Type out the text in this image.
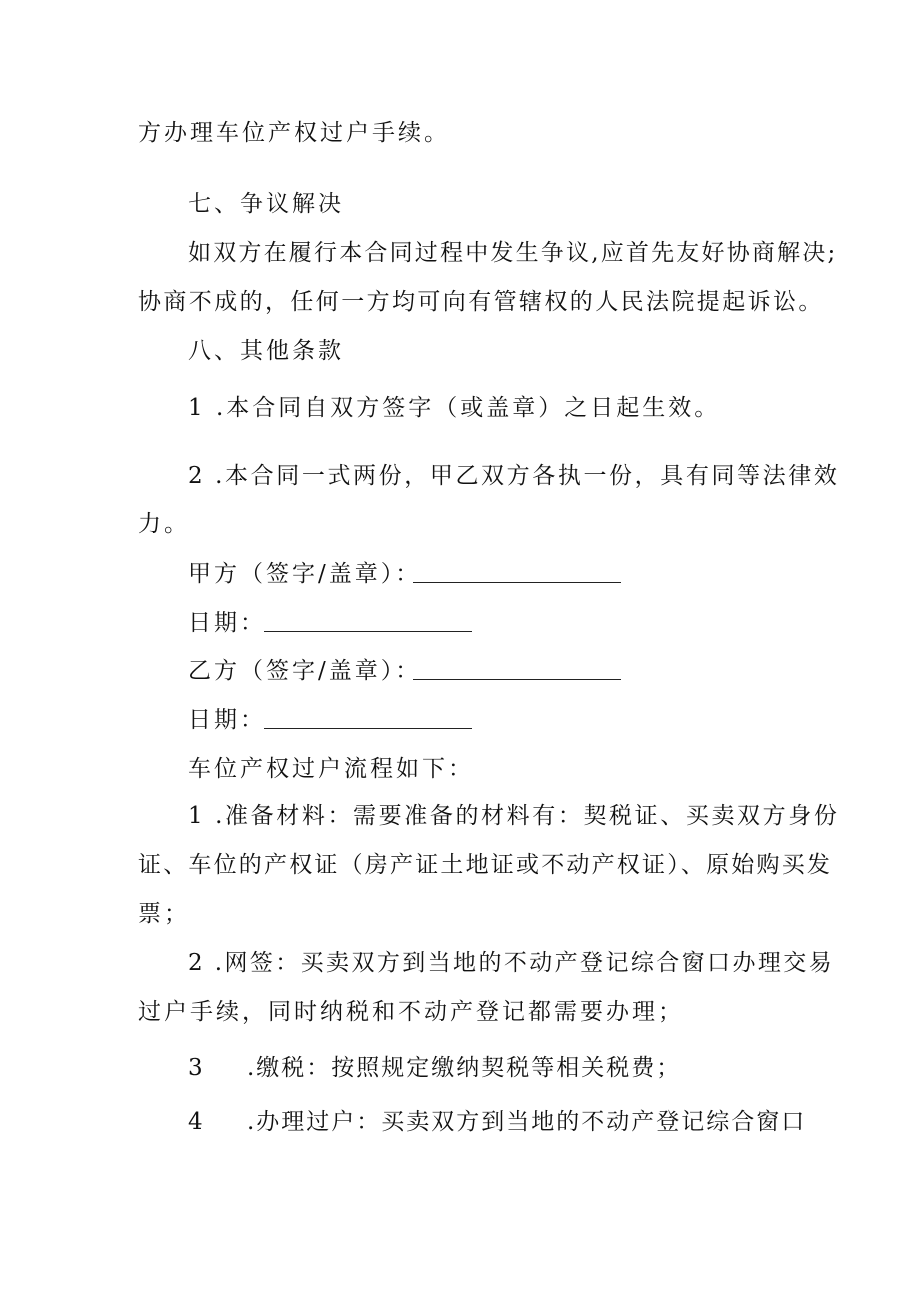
方办理车位产权过户手续。
七、争议解决
如双方在履行本合同过程中发生争议,应首先友好协商解决;
协商不成的，任何一方均可向有管辖权的人民法院提起诉讼。
八、其他条款
1 .本合同自双方签字（或盖章）之日起生效。
2 .本合同一式两份，甲乙双方各执一份，具有同等法律效
力。
甲方（签字/盖章）：
日期：
乙方（签字/盖章）：
日期：
车位产权过户流程如下：
1 .准备材料：需要准备的材料有：契税证、买卖双方身份
证、车位的产权证（房产证土地证或不动产权证）、原始购买发
票；
2 .网签：买卖双方到当地的不动产登记综合窗口办理交易
过户手续，同时纳税和不动产登记都需要办理；
3 .缴税：按照规定缴纳契税等相关税费；
4 .办理过户：买卖双方到当地的不动产登记综合窗口
